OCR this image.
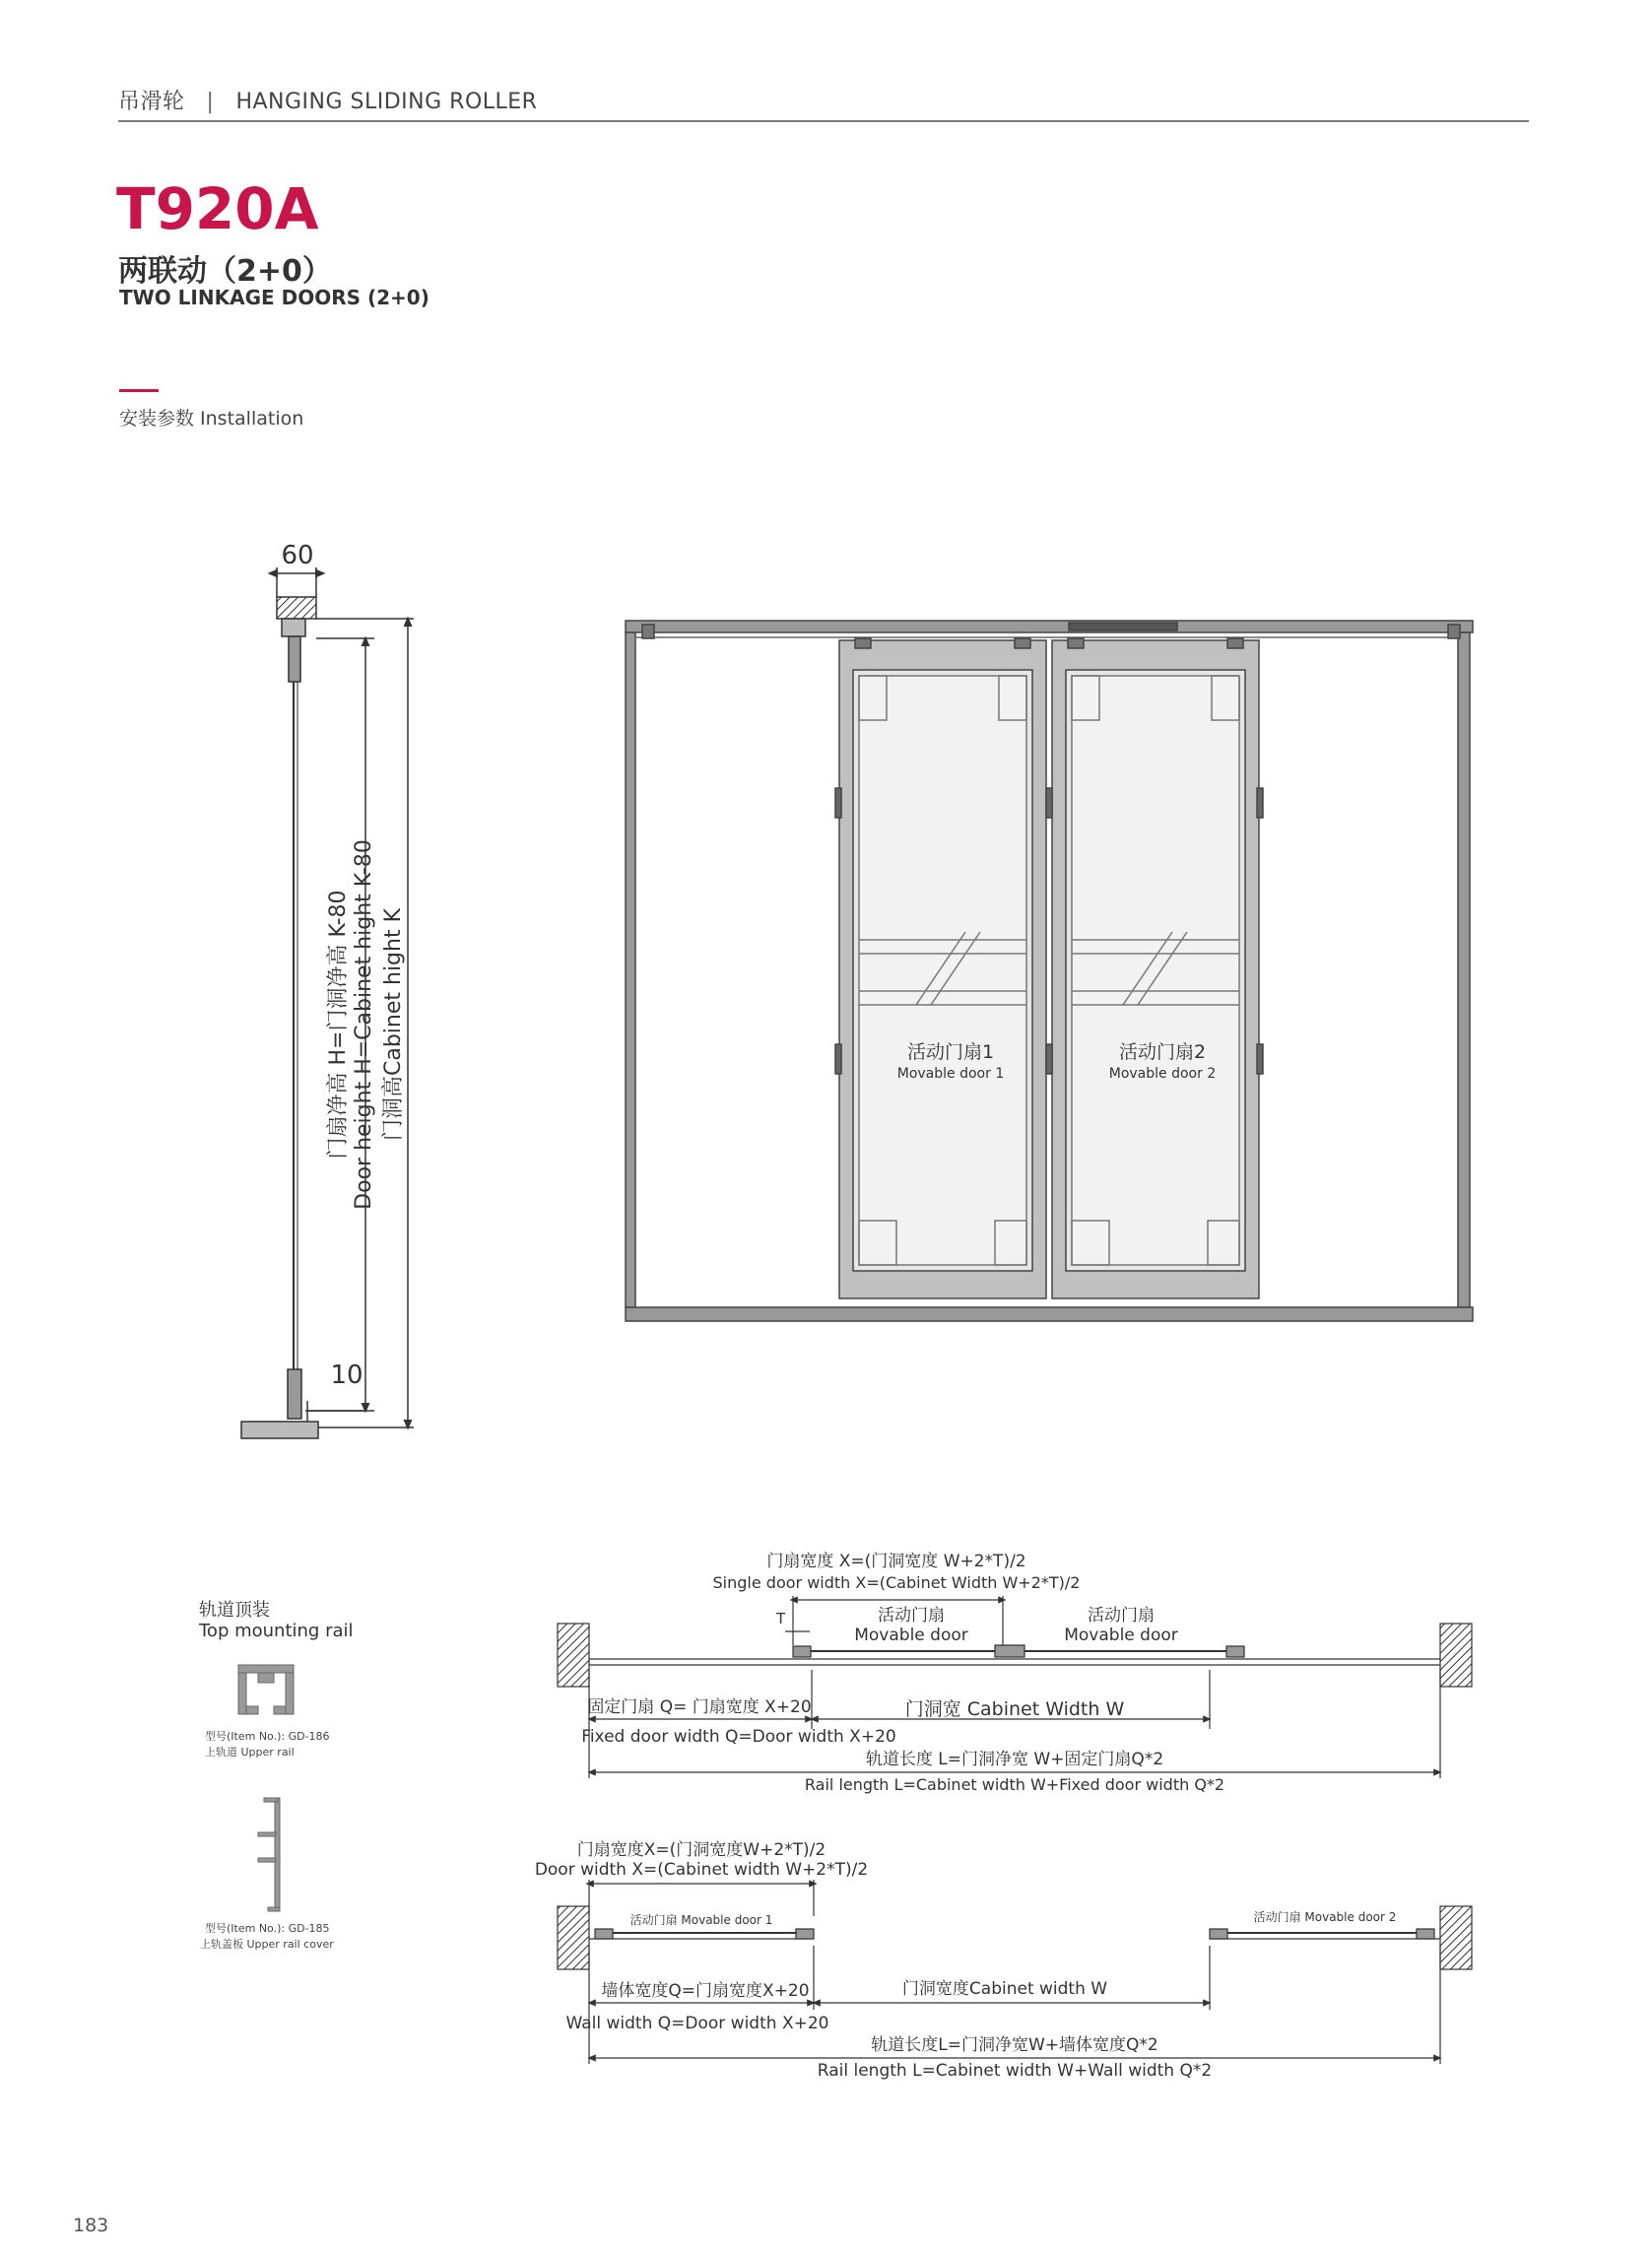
吊滑轮 | HANGING SLIDING ROLLER
T920A
两联动（2+0）
TWO LINKAGE DOORS (2+0)
安装参数 Installation
60
10
门扇净高 H=门洞净高 K-80 Door height H=Cabinet hight K-80 门洞高Cabinet hight K	活动门扇1
Movable door 1
活动门扇2
Movable door 2
轨道顶装
Top mounting rail
型号(Item No.): GD-186
上轨道 Upper rail
型号(Item No.): GD-185
上轨盖板 Upper rail cover
门扇宽度 X=(门洞宽度 W+2*T)/2
Single door width X=(Cabinet Width W+2*T)/2
T	活动门扇
Movable door
活动门扇
Movable door
固定门扇 Q= 门扇宽度 X+20	门洞宽 Cabinet Width W
Fixed door width Q=Door width X+20
轨道长度 L=门洞净宽 W+固定门扇Q*2
Rail length L=Cabinet width W+Fixed door width Q*2
门扇宽度X=(门洞宽度W+2*T)/2
Door width X=(Cabinet width W+2*T)/2
活动门扇 Movable door 1	活动门扇 Movable door 2
墙体宽度Q=门扇宽度X+20	门洞宽度Cabinet width W
Wall width Q=Door width X+20
轨道长度L=门洞净宽W+墙体宽度Q*2
Rail length L=Cabinet width W+Wall width Q*2
183
